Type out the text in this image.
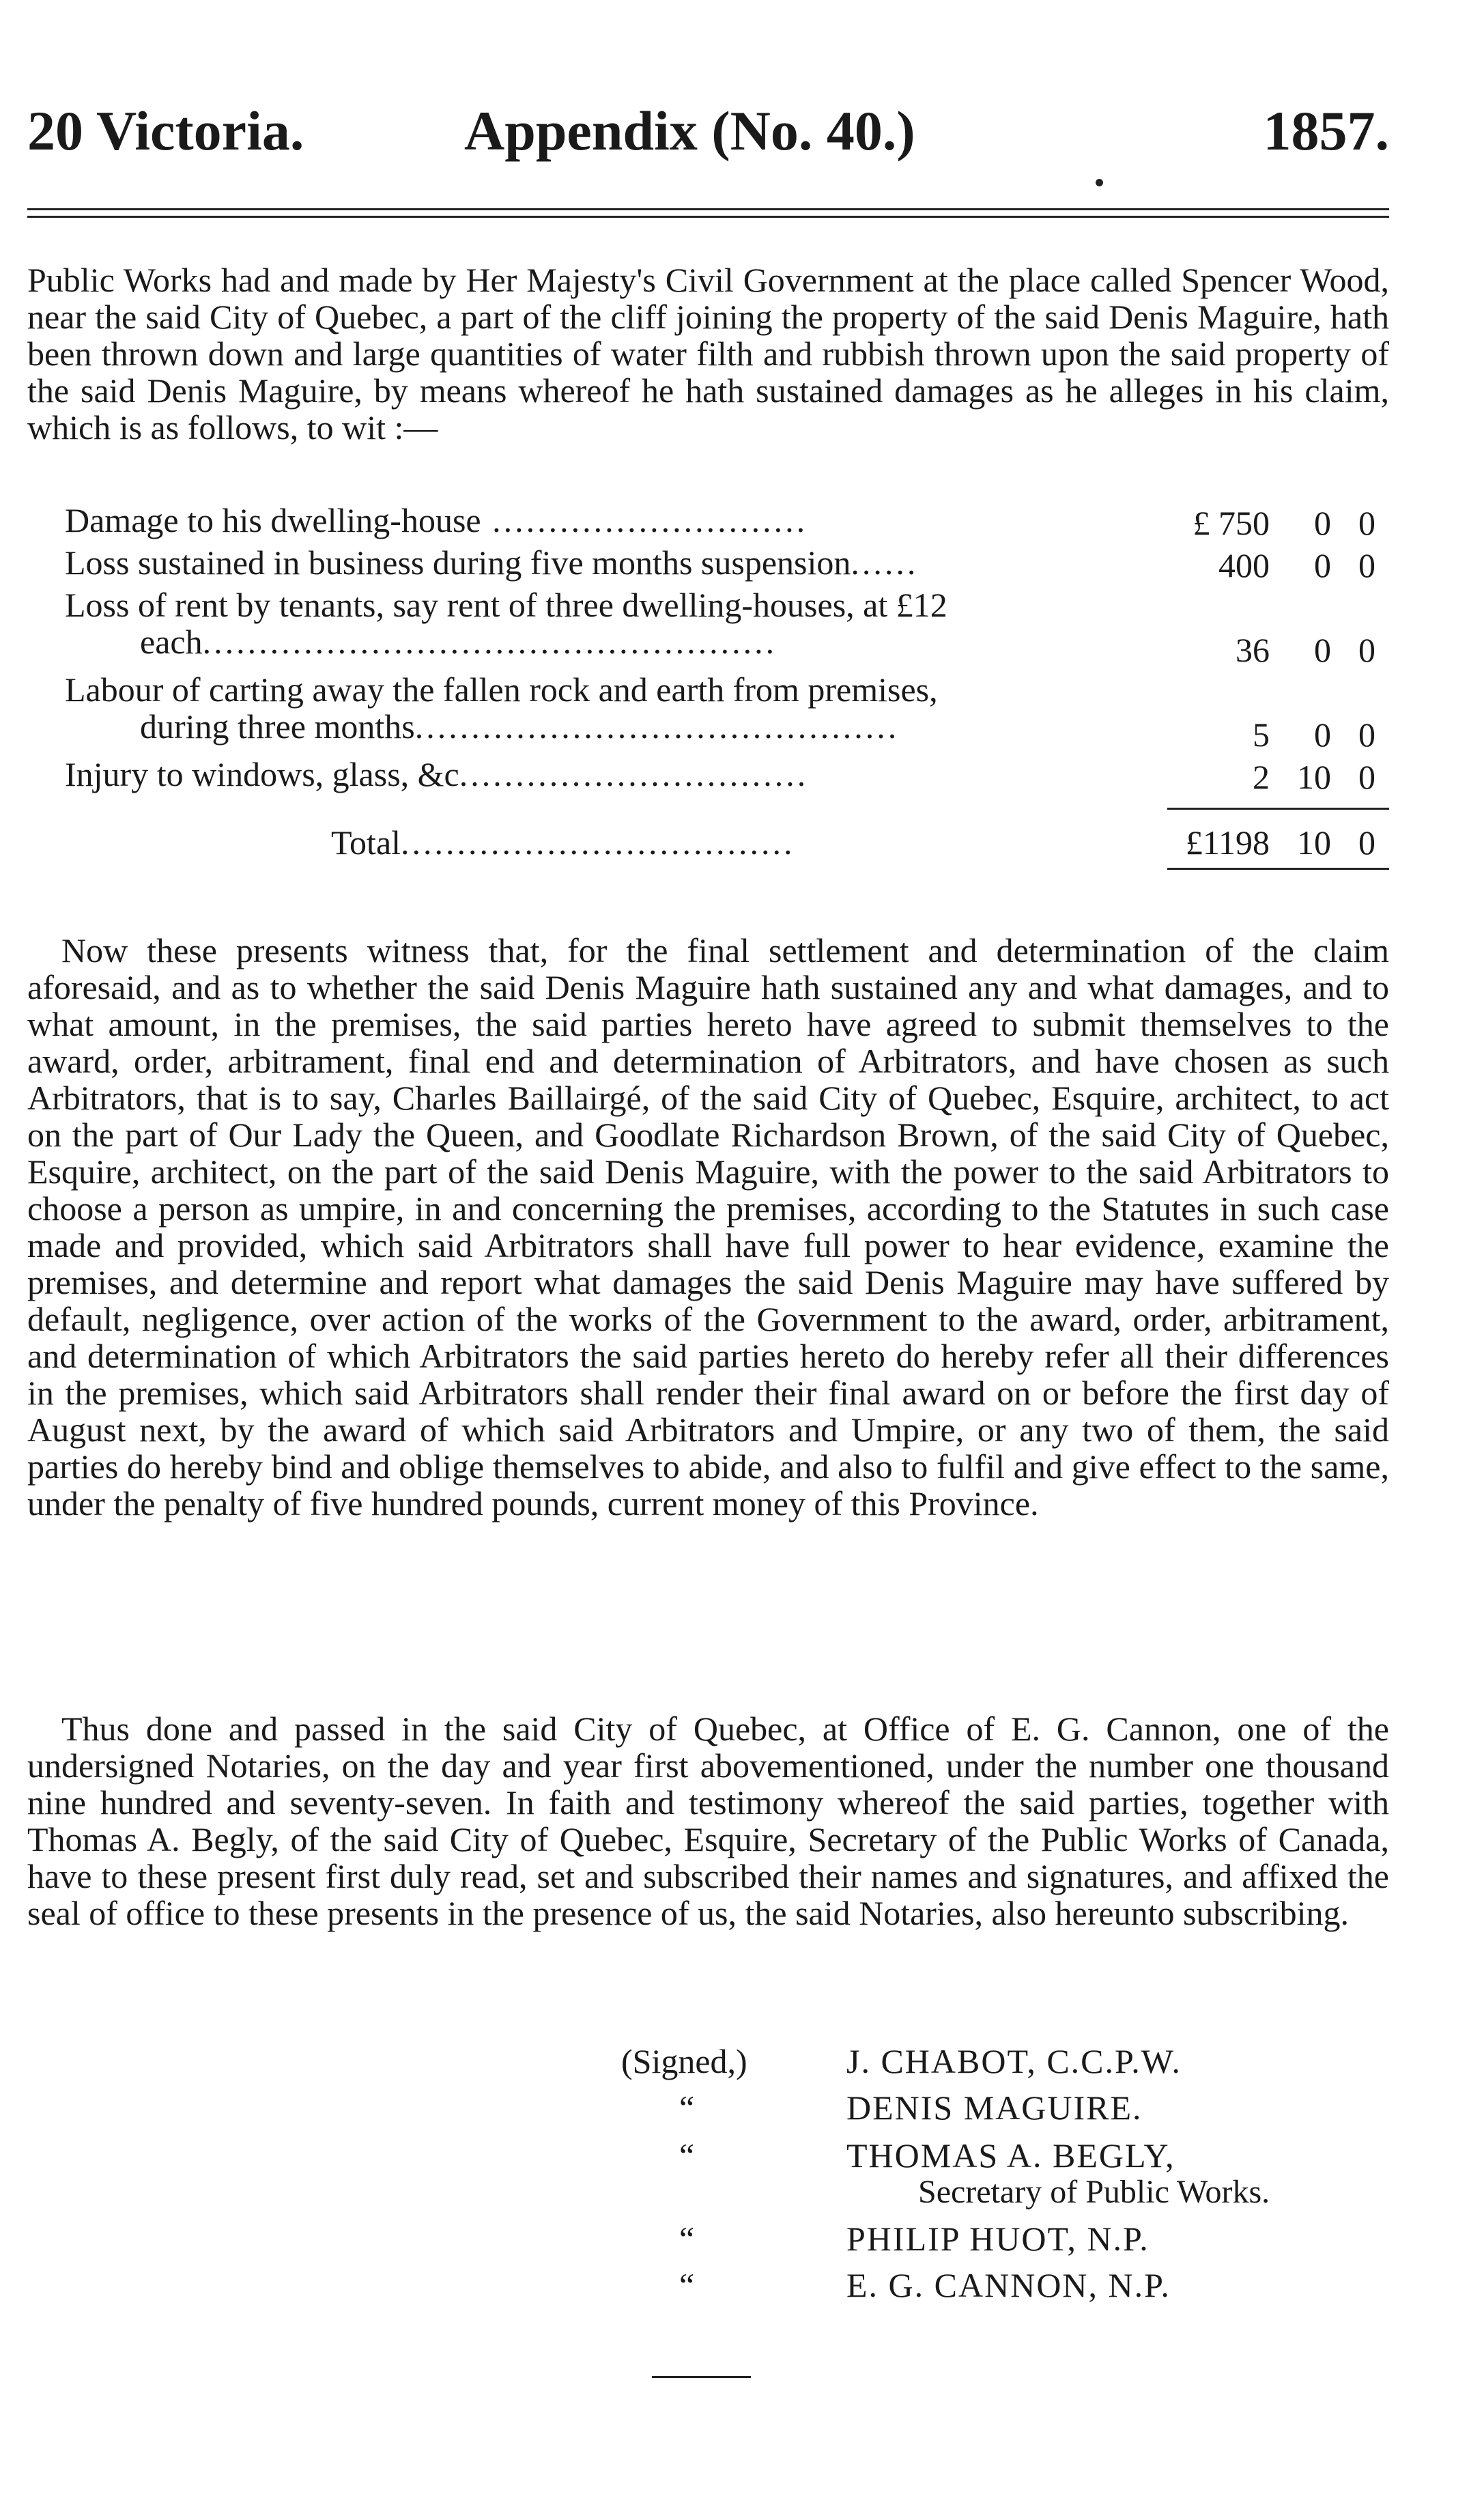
20 Victoria.	Appendix (No. 40.)	1857.

Public Works had and made by Her Majesty's Civil Government at the place called Spencer Wood, near the said City of Quebec, a part of the cliff joining the property of the said Denis Maguire, hath been thrown down and large quantities of water filth and rubbish thrown upon the said property of the said Denis Maguire, by means whereof he hath sustained damages as he alleges in his claim, which is as follows, to wit :—

Damage to his dwelling-house ............................	£ 750	0 0
Loss sustained in business during five months suspension......	400	0 0
Loss of rent by tenants, say rent of three dwelling-houses, at £12
each...................................................	36	0 0
Labour of carting away the fallen rock and earth from premises,
during three months...........................................	5	0 0
Injury to windows, glass, &c...............................	2 10 0
Total...................................	£1198 10 0

Now these presents witness that, for the final settlement and determination of the claim aforesaid, and as to whether the said Denis Maguire hath sustained any and what damages, and to what amount, in the premises, the said parties hereto have agreed to submit themselves to the award, order, arbitrament, final end and determination of Arbitrators, and have chosen as such Arbitrators, that is to say, Charles Baillairgé, of the said City of Quebec, Esquire, architect, to act on the part of Our Lady the Queen, and Goodlate Richardson Brown, of the said City of Quebec, Esquire, architect, on the part of the said Denis Maguire, with the power to the said Arbitrators to choose a person as umpire, in and concerning the premises, according to the Statutes in such case made and provided, which said Arbitrators shall have full power to hear evidence, examine the premises, and determine and report what damages the said Denis Maguire may have suffered by default, negligence, over action of the works of the Government to the award, order, arbitrament, and determination of which Arbitrators the said parties hereto do hereby refer all their differences in the premises, which said Arbitrators shall render their final award on or before the first day of August next, by the award of which said Arbitrators and Umpire, or any two of them, the said parties do hereby bind and oblige themselves to abide, and also to fulfil and give effect to the same, under the penalty of five hundred pounds, current money of this Province.

Thus done and passed in the said City of Quebec, at Office of E. G. Cannon, one of the undersigned Notaries, on the day and year first abovementioned, under the number one thousand nine hundred and seventy-seven. In faith and testimony whereof the said parties, together with Thomas A. Begly, of the said City of Quebec, Esquire, Secretary of the Public Works of Canada, have to these present first duly read, set and subscribed their names and signatures, and affixed the seal of office to these presents in the presence of us, the said Notaries, also hereunto subscribing.

(Signed,)	J. CHABOT, C.C.P.W.
“	DENIS MAGUIRE.
“	THOMAS A. BEGLY,
Secretary of Public Works.
“	PHILIP HUOT, N.P.
“	E. G. CANNON, N.P.
